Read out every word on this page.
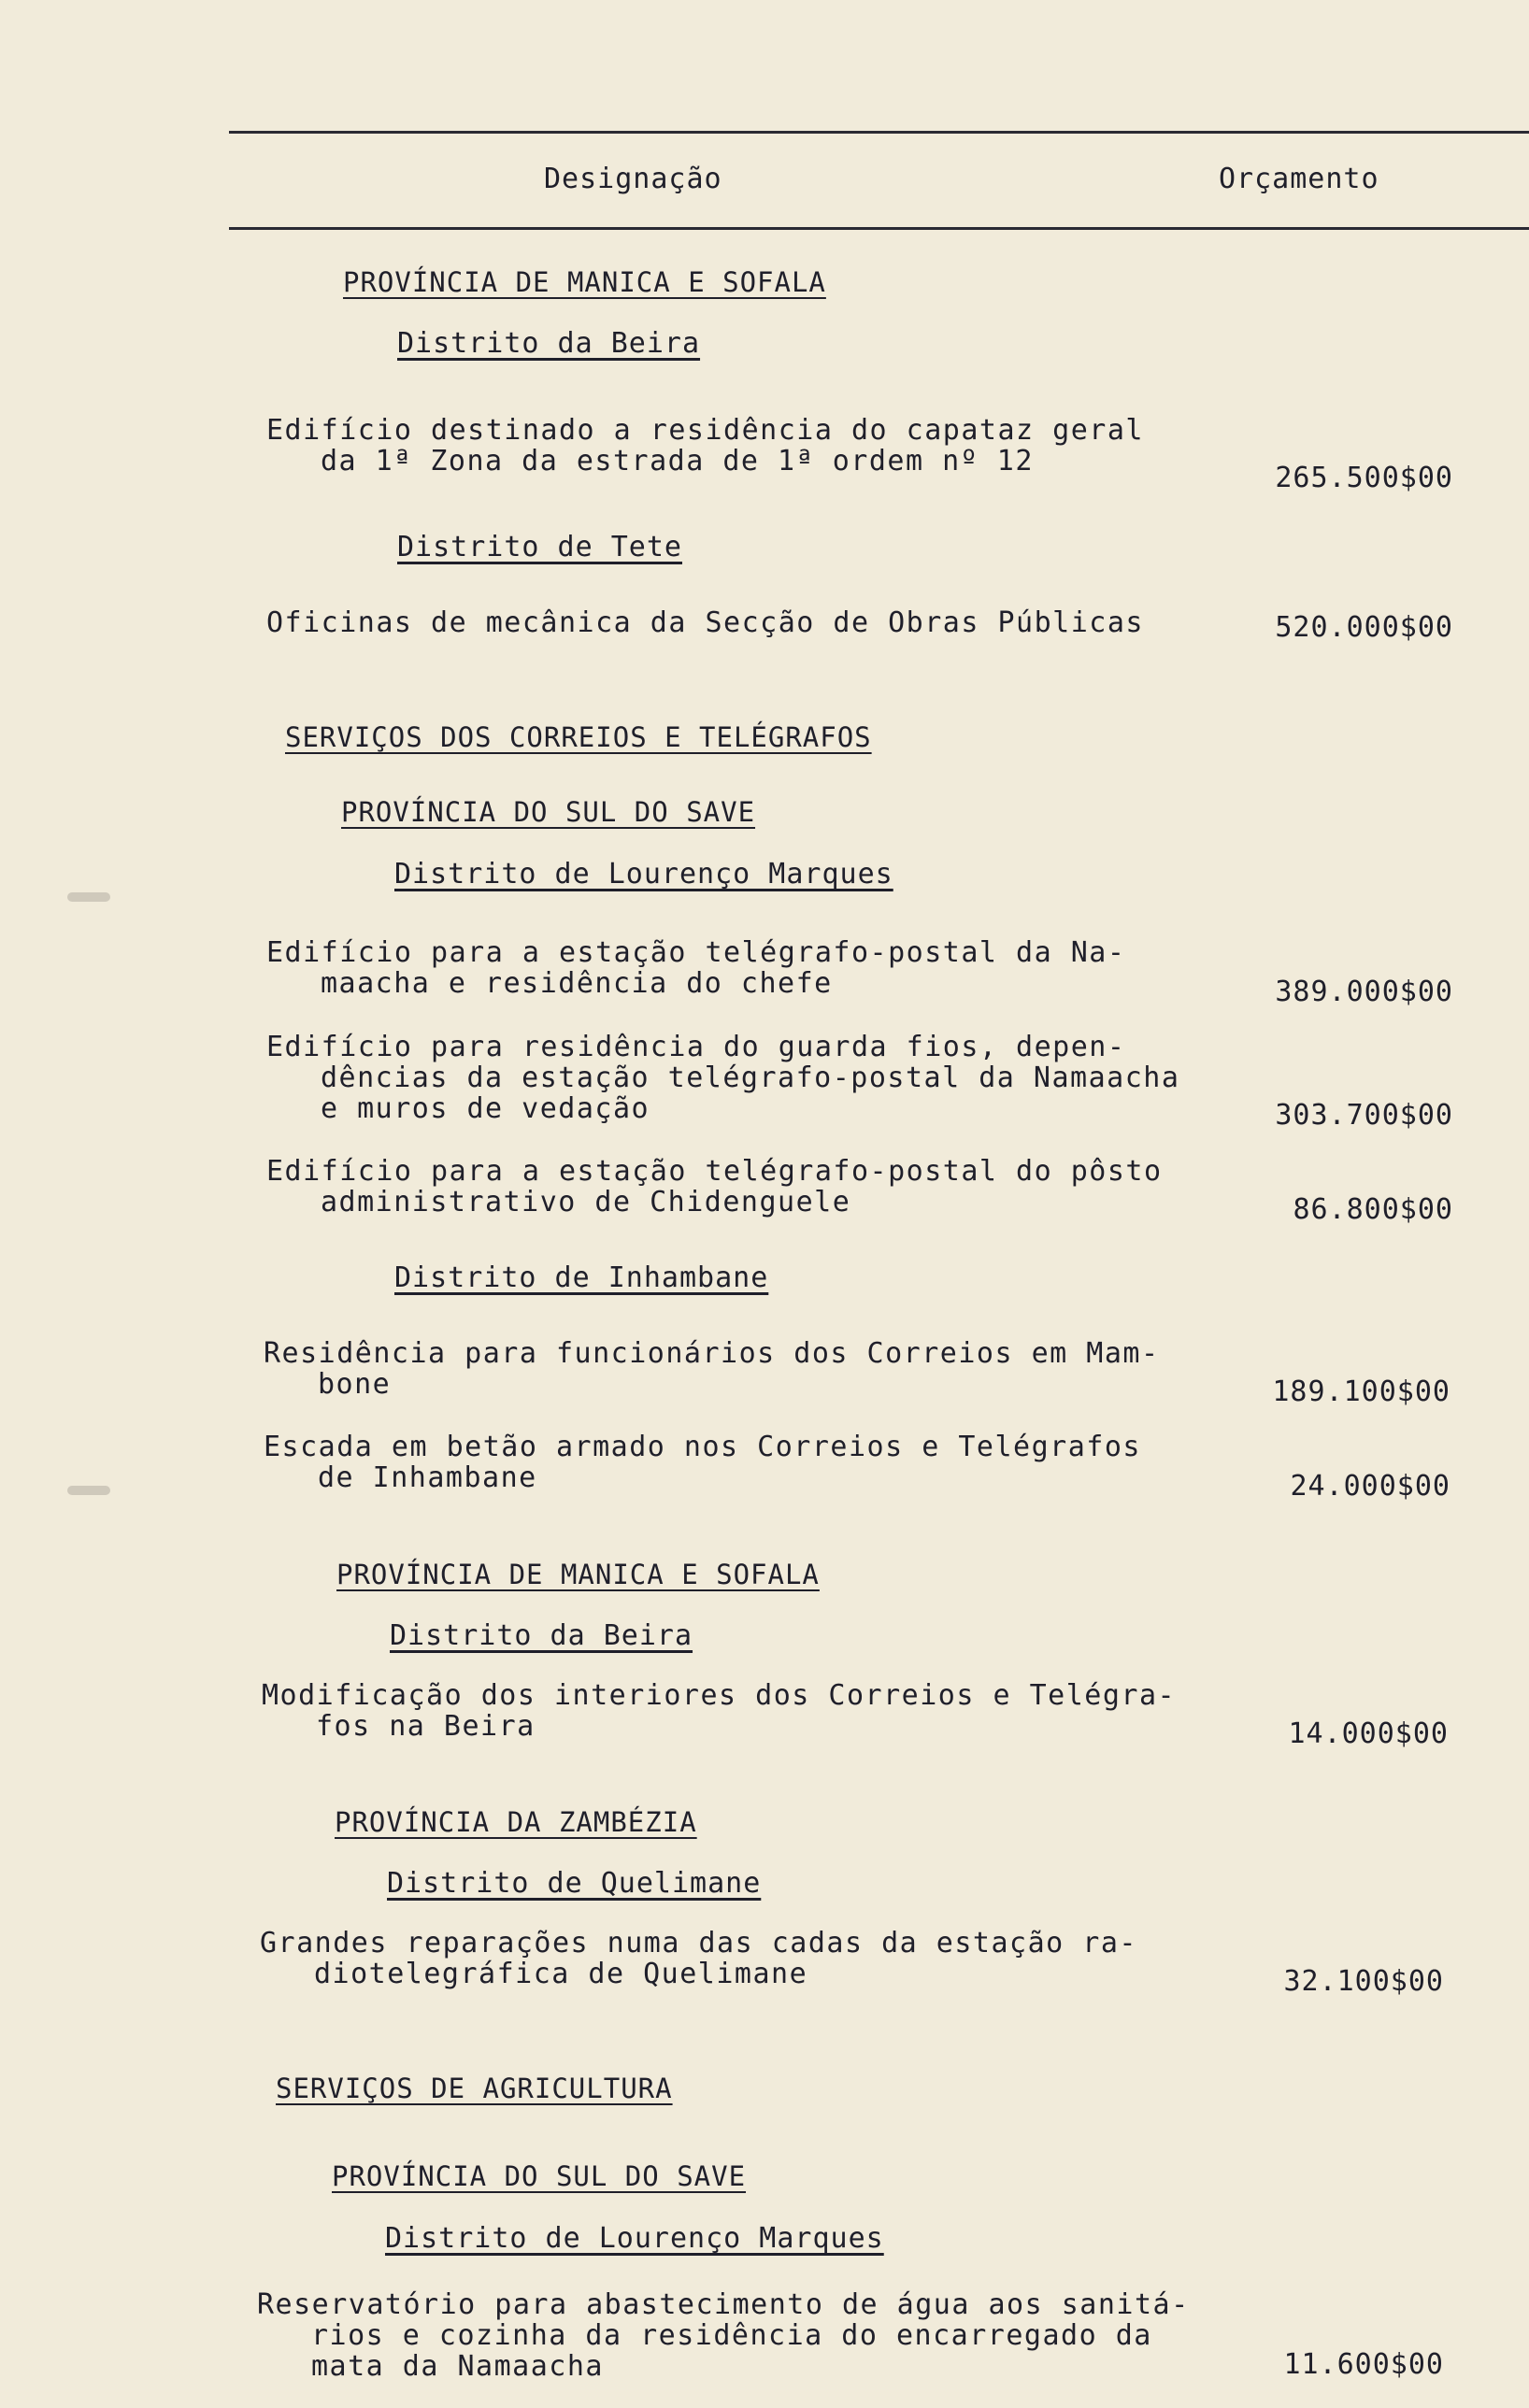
Designação	Orçamento
PROVÍNCIA DE MANICA E SOFALA
Distrito da Beira
Edifício destinado a residência do capataz geral
da 1ª Zona da estrada de 1ª ordem nº 12
265.500$00
Distrito de Tete
Oficinas de mecânica da Secção de Obras Públicas	520.000$00
SERVIÇOS DOS CORREIOS E TELÉGRAFOS
PROVÍNCIA DO SUL DO SAVE
Distrito de Lourenço Marques
Edifício para a estação telégrafo-postal da Na-
maacha e residência do chefe	389.000$00
Edifício para residência do guarda fios, depen-
dências da estação telégrafo-postal da Namaacha
e muros de vedação	303.700$00
Edifício para a estação telégrafo-postal do pôsto
administrativo de Chidenguele	86.800$00
Distrito de Inhambane
Residência para funcionários dos Correios em Mam-
bone	189.100$00
Escada em betão armado nos Correios e Telégrafos
de Inhambane	24.000$00
PROVÍNCIA DE MANICA E SOFALA
Distrito da Beira
Modificação dos interiores dos Correios e Telégra-
fos na Beira	14.000$00
PROVÍNCIA DA ZAMBÉZIA
Distrito de Quelimane
Grandes reparações numa das cadas da estação ra-
diotelegráfica de Quelimane	32.100$00
SERVIÇOS DE AGRICULTURA
PROVÍNCIA DO SUL DO SAVE
Distrito de Lourenço Marques
Reservatório para abastecimento de água aos sanitá-
rios e cozinha da residência do encarregado da
mata da Namaacha	11.600$00
